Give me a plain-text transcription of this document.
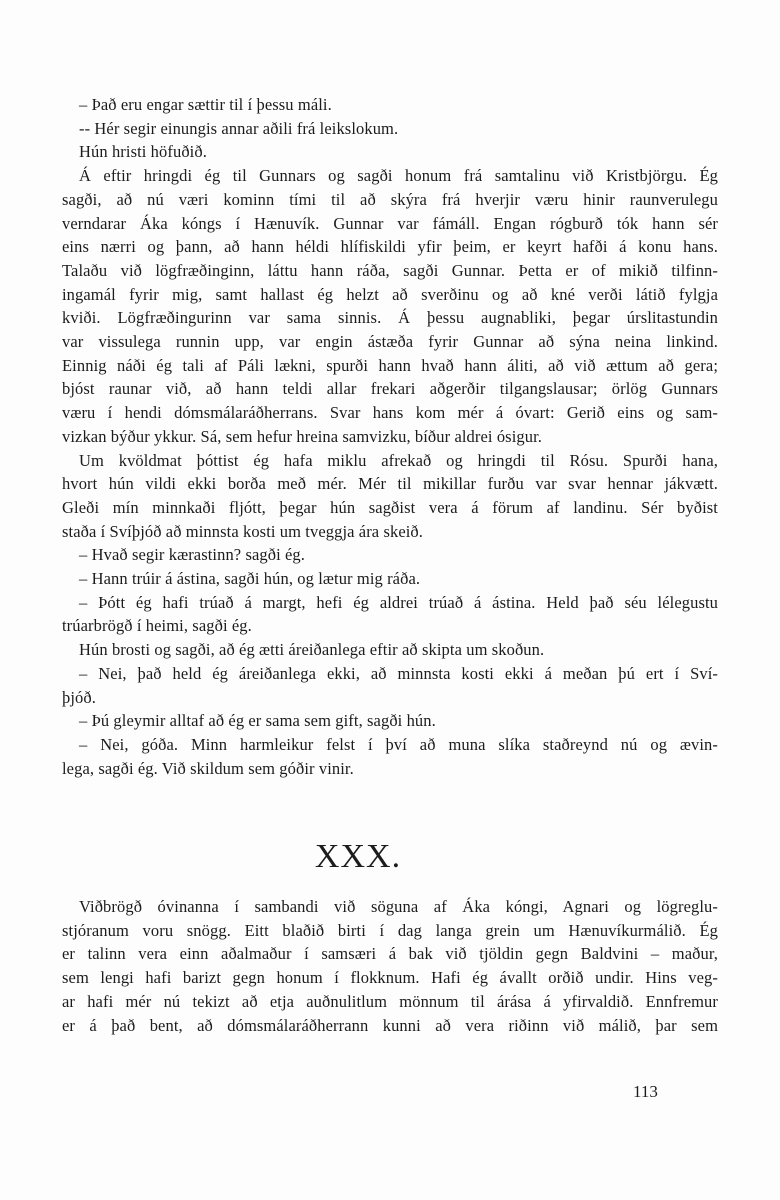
– Það eru engar sættir til í þessu máli.
-- Hér segir einungis annar aðili frá leikslokum.
Hún hristi höfuðið.
Á eftir hringdi ég til Gunnars og sagði honum frá samtalinu við Kristbjörgu. Ég
sagði, að nú væri kominn tími til að skýra frá hverjir væru hinir raunverulegu
verndarar Áka kóngs í Hænuvík. Gunnar var fámáll. Engan rógburð tók hann sér
eins nærri og þann, að hann héldi hlífiskildi yfir þeim, er keyrt hafði á konu hans.
Talaðu við lögfræðinginn, láttu hann ráða, sagði Gunnar. Þetta er of mikið tilfinn-
ingamál fyrir mig, samt hallast ég helzt að sverðinu og að kné verði látið fylgja
kviði. Lögfræðingurinn var sama sinnis. Á þessu augnabliki, þegar úrslitastundin
var vissulega runnin upp, var engin ástæða fyrir Gunnar að sýna neina linkind.
Einnig náði ég tali af Páli lækni, spurði hann hvað hann áliti, að við ættum að gera;
bjóst raunar við, að hann teldi allar frekari aðgerðir tilgangslausar; örlög Gunnars
væru í hendi dómsmálaráðherrans. Svar hans kom mér á óvart: Gerið eins og sam-
vizkan býður ykkur. Sá, sem hefur hreina samvizku, bíður aldrei ósigur.
Um kvöldmat þóttist ég hafa miklu afrekað og hringdi til Rósu. Spurði hana,
hvort hún vildi ekki borða með mér. Mér til mikillar furðu var svar hennar jákvætt.
Gleði mín minnkaði fljótt, þegar hún sagðist vera á förum af landinu. Sér byðist
staða í Svíþjóð að minnsta kosti um tveggja ára skeið.
– Hvað segir kærastinn? sagði ég.
– Hann trúir á ástina, sagði hún, og lætur mig ráða.
– Þótt ég hafi trúað á margt, hefi ég aldrei trúað á ástina. Held það séu lélegustu
trúarbrögð í heimi, sagði ég.
Hún brosti og sagði, að ég ætti áreiðanlega eftir að skipta um skoðun.
– Nei, það held ég áreiðanlega ekki, að minnsta kosti ekki á meðan þú ert í Sví-
þjóð.
– Þú gleymir alltaf að ég er sama sem gift, sagði hún.
– Nei, góða. Minn harmleikur felst í því að muna slíka staðreynd nú og ævin-
lega, sagði ég. Við skildum sem góðir vinir.
XXX.
Viðbrögð óvinanna í sambandi við söguna af Áka kóngi, Agnari og lögreglu-
stjóranum voru snögg. Eitt blaðið birti í dag langa grein um Hænuvíkurmálið. Ég
er talinn vera einn aðalmaður í samsæri á bak við tjöldin gegn Baldvini – maður,
sem lengi hafi barizt gegn honum í flokknum. Hafi ég ávallt orðið undir. Hins veg-
ar hafi mér nú tekizt að etja auðnulitlum mönnum til árása á yfirvaldið. Ennfremur
er á það bent, að dómsmálaráðherrann kunni að vera riðinn við málið, þar sem
113
